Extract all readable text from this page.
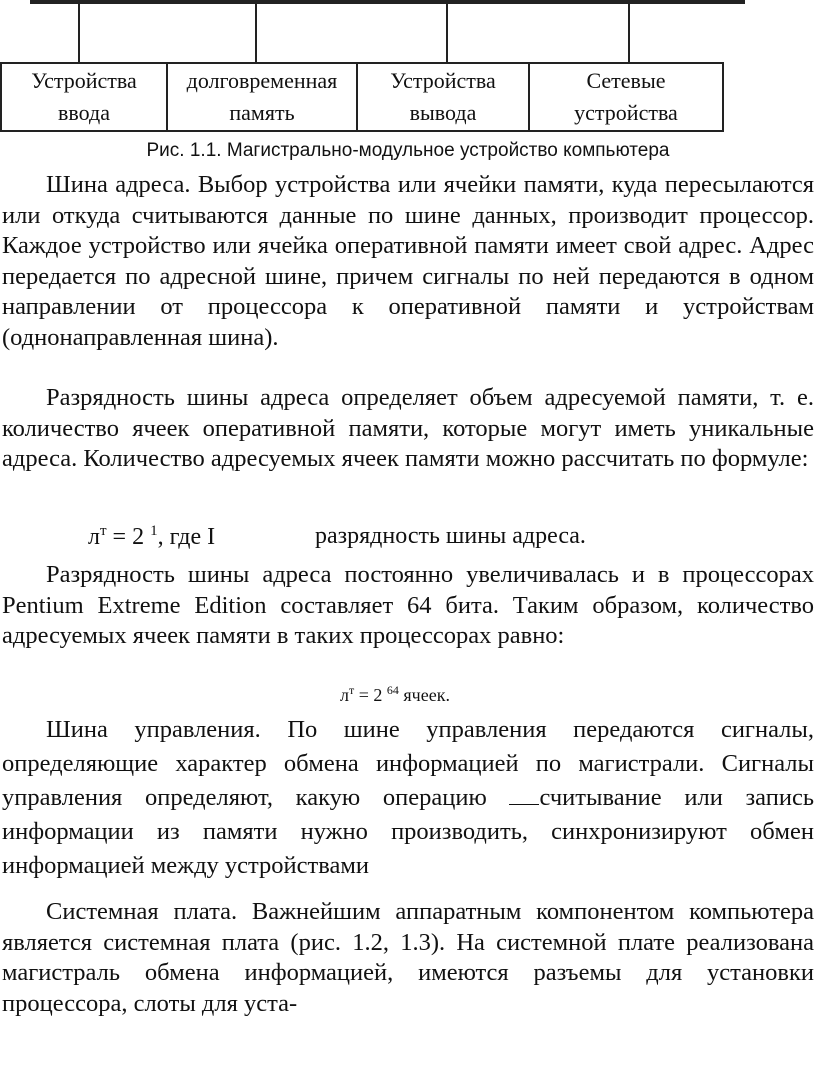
Устройства
ввода
долговременная
память
Устройства
вывода
Сетевые
устройства
Рис. 1.1. Магистрально-модульное устройство компьютера

Шина адреса. Выбор устройства или ячейки памяти, куда пересылаются или откуда считываются данные по шине данных, производит процессор. Каждое устройство или ячейка оперативной памяти имеет свой адрес. Адрес передается по адресной шине, причем сигналы по ней передаются в одном направлении от процессора к оперативной памяти и устройствам (однонаправленная шина).

Разрядность шины адреса определяет объем адресуемой памяти, т. е. количество ячеек оперативной памяти, которые могут иметь уникальные адреса. Количество адресуемых ячеек памяти можно рассчитать по формуле:

$л^т = 2$ $^1$, где I	разрядность шины адреса.

Разрядность шины адреса постоянно увеличивалась и в процессорах Pentium Extreme Edition составляет 64 бита. Таким образом, количество адресуемых ячеек памяти в таких процессорах равно:

$л^т = 2$ $^{64}$ ячеек.

Шина управления. По шине управления передаются сигналы, определяющие характер обмена информацией по магистрали. Сигналы управления определяют, какую операцию считывание или запись информации из памяти нужно производить, синхронизируют обмен информацией между устройствами

Системная плата. Важнейшим аппаратным компонентом компьютера является системная плата (рис. 1.2, 1.3). На системной плате реализована магистраль обмена информацией, имеются разъемы для установки процессора, слоты для уста-
